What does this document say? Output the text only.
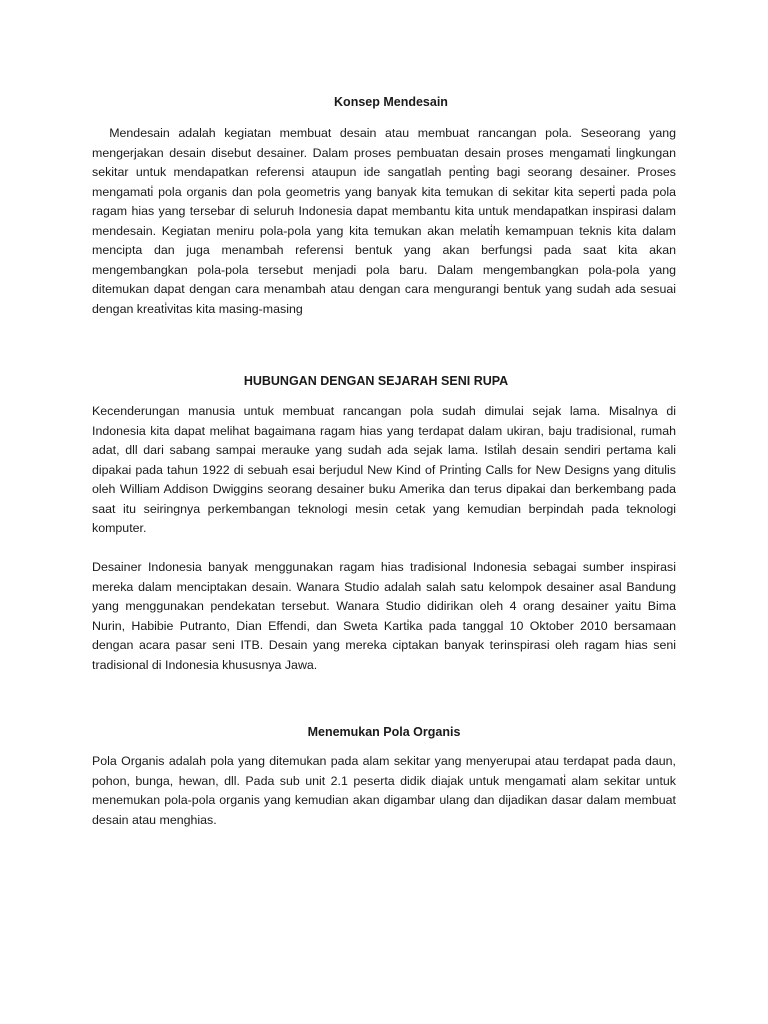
Konsep Mendesain

Mendesain adalah kegiatan membuat desain atau membuat rancangan pola. Seseorang yang
mengerjakan desain disebut desainer. Dalam proses pembuatan desain proses mengamati̇ lingkungan
sekitar untuk mendapatkan referensi ataupun ide sangatlah penti̇ng bagi seorang desainer. Proses
mengamati̇ pola organis dan pola geometris yang banyak kita temukan di sekitar kita seperti̇ pada pola
ragam hias yang tersebar di seluruh Indonesia dapat membantu kita untuk mendapatkan inspirasi dalam
mendesain. Kegiatan meniru pola-pola yang kita temukan akan melati̇h kemampuan teknis kita dalam
mencipta dan juga menambah referensi bentuk yang akan berfungsi pada saat kita akan
mengembangkan pola-pola tersebut menjadi pola baru. Dalam mengembangkan pola-pola yang
ditemukan dapat dengan cara menambah atau dengan cara mengurangi bentuk yang sudah ada sesuai
dengan kreati̇vitas kita masing-masing

HUBUNGAN DENGAN SEJARAH SENI RUPA

Kecenderungan manusia untuk membuat rancangan pola sudah dimulai sejak lama. Misalnya di
Indonesia kita dapat melihat bagaimana ragam hias yang terdapat dalam ukiran, baju tradisional, rumah
adat, dll dari sabang sampai merauke yang sudah ada sejak lama. Isti̇lah desain sendiri pertama kali
dipakai pada tahun 1922 di sebuah esai berjudul New Kind of Printi̇ng Calls for New Designs yang ditulis
oleh William Addison Dwiggins seorang desainer buku Amerika dan terus dipakai dan berkembang pada
saat itu seiringnya perkembangan teknologi mesin cetak yang kemudian berpindah pada teknologi
komputer.

Desainer Indonesia banyak menggunakan ragam hias tradisional Indonesia sebagai sumber inspirasi
mereka dalam menciptakan desain. Wanara Studio adalah salah satu kelompok desainer asal Bandung
yang menggunakan pendekatan tersebut. Wanara Studio didirikan oleh 4 orang desainer yaitu Bima
Nurin, Habibie Putranto, Dian Effendi, dan Sweta Karti̇ka pada tanggal 10 Oktober 2010 bersamaan
dengan acara pasar seni ITB. Desain yang mereka ciptakan banyak terinspirasi oleh ragam hias seni
tradisional di Indonesia khususnya Jawa.

Menemukan Pola Organis

Pola Organis adalah pola yang ditemukan pada alam sekitar yang menyerupai atau terdapat pada daun,
pohon, bunga, hewan, dll. Pada sub unit 2.1 peserta didik diajak untuk mengamati̇ alam sekitar untuk
menemukan pola-pola organis yang kemudian akan digambar ulang dan dijadikan dasar dalam membuat
desain atau menghias.
